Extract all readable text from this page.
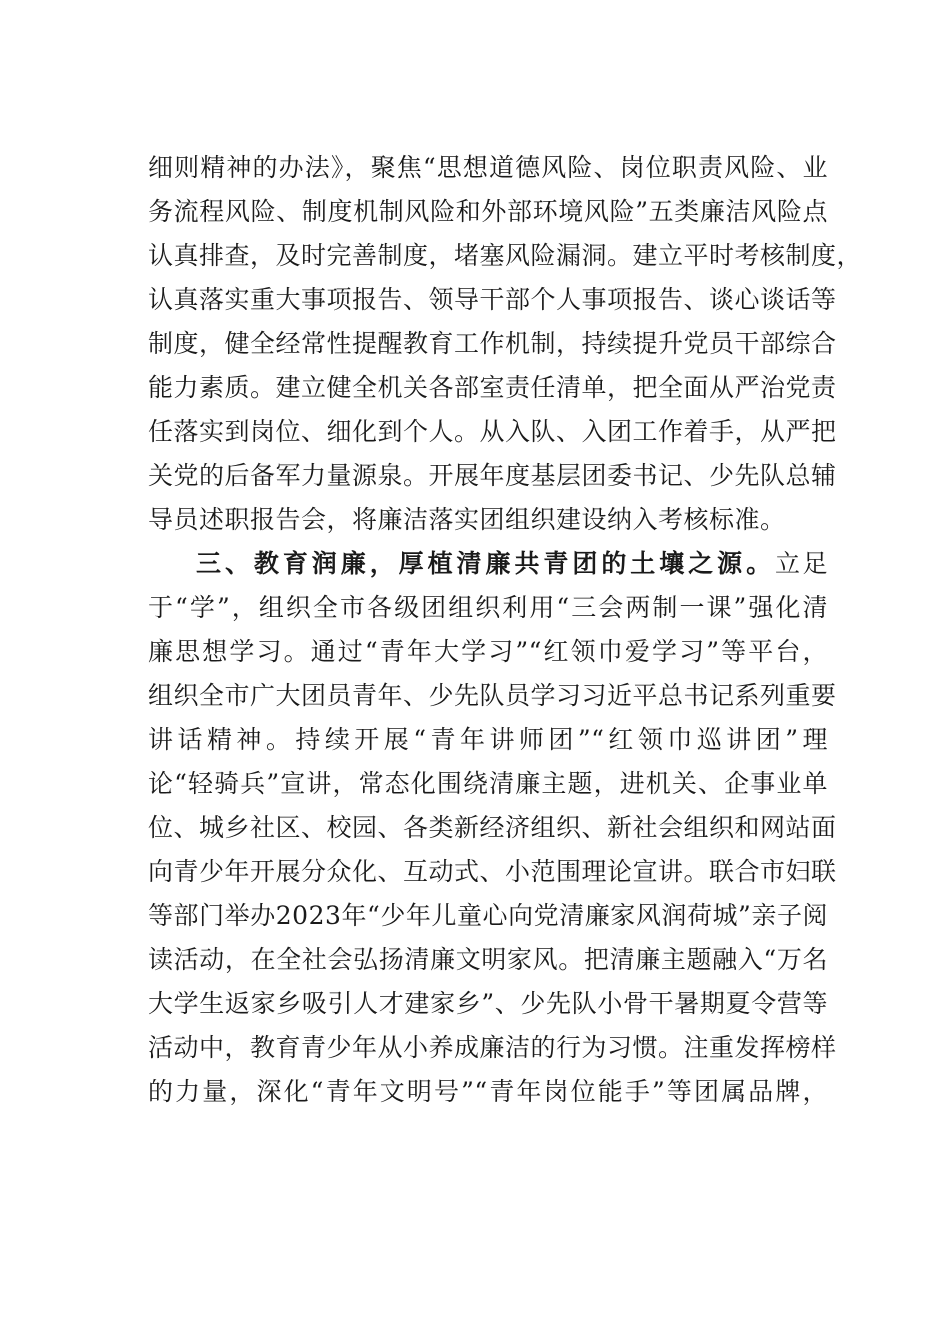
细则精神的办法》，聚焦“思想道德风险、岗位职责风险、业
务流程风险、制度机制风险和外部环境风险”五类廉洁风险点
认真排查，及时完善制度，堵塞风险漏洞。建立平时考核制度，
认真落实重大事项报告、领导干部个人事项报告、谈心谈话等
制度，健全经常性提醒教育工作机制，持续提升党员干部综合
能力素质。建立健全机关各部室责任清单，把全面从严治党责
任落实到岗位、细化到个人。从入队、入团工作着手，从严把
关党的后备军力量源泉。开展年度基层团委书记、少先队总辅
导员述职报告会，将廉洁落实团组织建设纳入考核标准。
三、教育润廉，厚植清廉共青团的土壤之源。立足
于“学”，组织全市各级团组织利用“三会两制一课”强化清
廉思想学习。通过“青年大学习”“红领巾爱学习”等平台，
组织全市广大团员青年、少先队员学习习近平总书记系列重要
讲话精神。持续开展“青年讲师团”“红领巾巡讲团”理
论“轻骑兵”宣讲，常态化围绕清廉主题，进机关、企事业单
位、城乡社区、校园、各类新经济组织、新社会组织和网站面
向青少年开展分众化、互动式、小范围理论宣讲。联合市妇联
等部门举办2023年“少年儿童心向党清廉家风润荷城”亲子阅
读活动，在全社会弘扬清廉文明家风。把清廉主题融入“万名
大学生返家乡吸引人才建家乡”、少先队小骨干暑期夏令营等
活动中，教育青少年从小养成廉洁的行为习惯。注重发挥榜样
的力量，深化“青年文明号”“青年岗位能手”等团属品牌，
